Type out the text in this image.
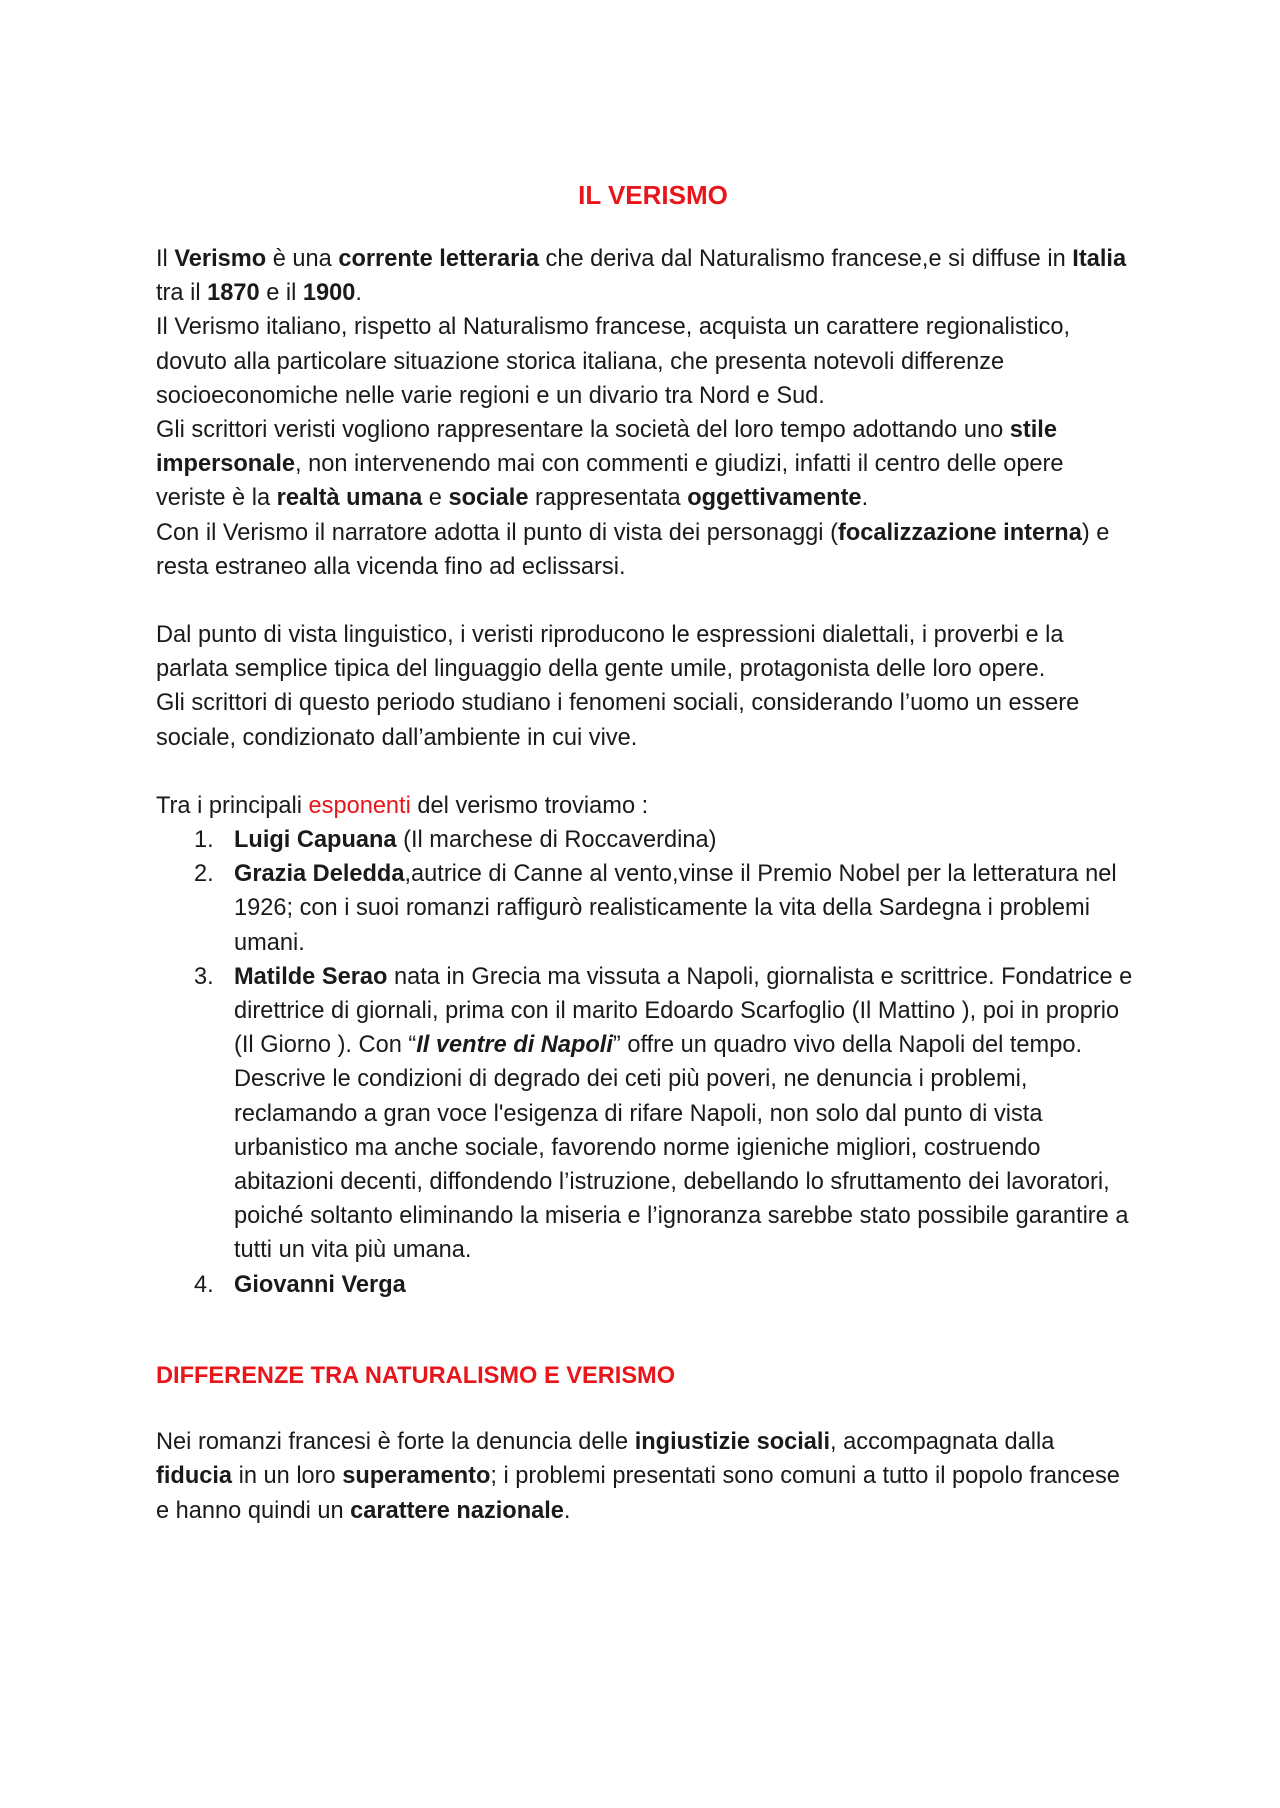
IL VERISMO

Il Verismo è una corrente letteraria che deriva dal Naturalismo francese,e si diffuse in Italia tra il 1870 e il 1900.

Il Verismo italiano, rispetto al Naturalismo francese, acquista un carattere regionalistico, dovuto alla particolare situazione storica italiana, che presenta notevoli differenze socioeconomiche nelle varie regioni e un divario tra Nord e Sud.

Gli scrittori veristi vogliono rappresentare la società del loro tempo adottando uno stile impersonale, non intervenendo mai con commenti e giudizi, infatti il centro delle opere veriste è la realtà umana e sociale rappresentata oggettivamente.

Con il Verismo il narratore adotta il punto di vista dei personaggi (focalizzazione interna) e resta estraneo alla vicenda fino ad eclissarsi.

Dal punto di vista linguistico, i veristi riproducono le espressioni dialettali, i proverbi e la parlata semplice tipica del linguaggio della gente umile, protagonista delle loro opere.

Gli scrittori di questo periodo studiano i fenomeni sociali, considerando l’uomo un essere sociale, condizionato dall’ambiente in cui vive.

Tra i principali esponenti del verismo troviamo :

1. Luigi Capuana (Il marchese di Roccaverdina)
2. Grazia Deledda,autrice di Canne al vento,vinse il Premio Nobel per la letteratura nel 1926; con i suoi romanzi raffigurò realisticamente la vita della Sardegna i problemi umani.
3. Matilde Serao nata in Grecia ma vissuta a Napoli, giornalista e scrittrice. Fondatrice e direttrice di giornali, prima con il marito Edoardo Scarfoglio (Il Mattino ), poi in proprio (Il Giorno ). Con “Il ventre di Napoli” offre un quadro vivo della Napoli del tempo. Descrive le condizioni di degrado dei ceti più poveri, ne denuncia i problemi, reclamando a gran voce l'esigenza di rifare Napoli, non solo dal punto di vista urbanistico ma anche sociale, favorendo norme igieniche migliori, costruendo abitazioni decenti, diffondendo l’istruzione, debellando lo sfruttamento dei lavoratori, poiché soltanto eliminando la miseria e l’ignoranza sarebbe stato possibile garantire a tutti un vita più umana.
4. Giovanni Verga

DIFFERENZE TRA NATURALISMO E VERISMO

Nei romanzi francesi è forte la denuncia delle ingiustizie sociali, accompagnata dalla fiducia in un loro superamento; i problemi presentati sono comuni a tutto il popolo francese e hanno quindi un carattere nazionale.
